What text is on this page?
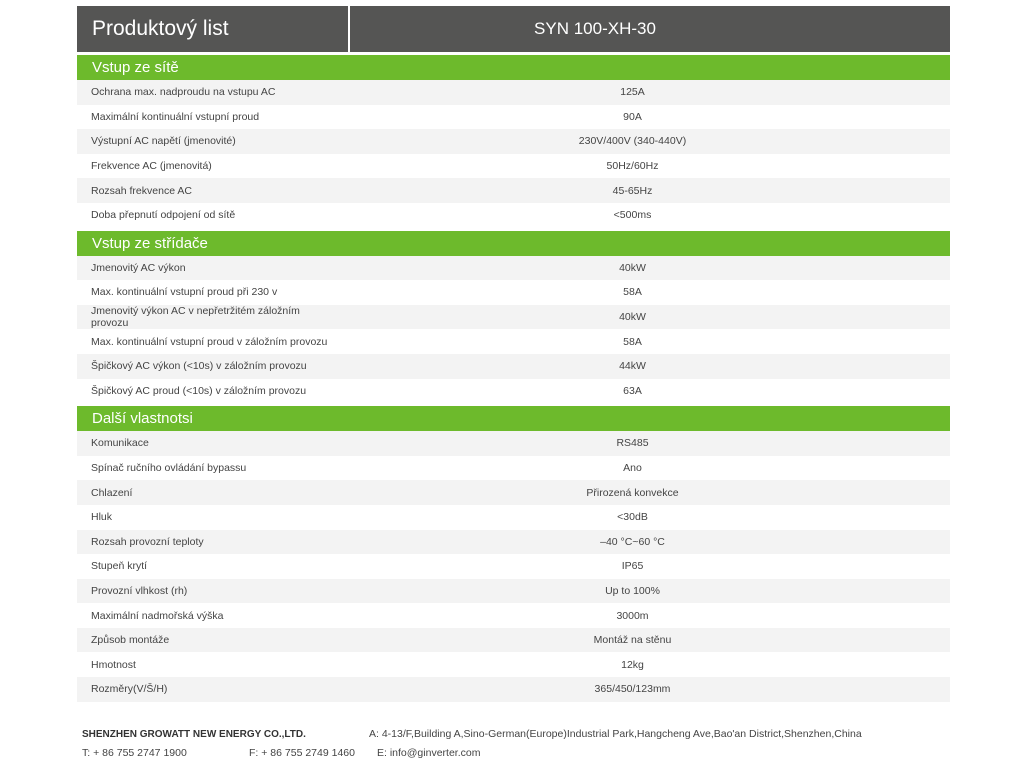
Produktový list	SYN 100-XH-30
Vstup ze sítě
Ochrana max. nadproudu na vstupu AC	125A
Maximální kontinuální vstupní proud	90A
Výstupní AC napětí (jmenovité)	230V/400V (340-440V)
Frekvence AC (jmenovitá)	50Hz/60Hz
Rozsah frekvence AC	45-65Hz
Doba přepnutí odpojení od sítě	<500ms
Vstup ze střídače
Jmenovitý AC výkon	40kW
Max. kontinuální vstupní proud při 230 v	58A
Jmenovitý výkon AC v nepřetržitém záložním provozu	40kW
Max. kontinuální vstupní proud v záložním provozu	58A
Špičkový AC výkon (<10s) v záložním provozu	44kW
Špičkový AC proud (<10s) v záložním provozu	63A
Další vlastnotsi
Komunikace	RS485
Spínač ručního ovládání bypassu	Ano
Chlazení	Přirozená konvekce
Hluk	<30dB
Rozsah provozní teploty	–40 °C~60 °C
Stupeň krytí	IP65
Provozní vlhkost (rh)	Up to 100%
Maximální nadmořská výška	3000m
Způsob montáže	Montáž na stěnu
Hmotnost	12kg
Rozměry(V/Š/H)	365/450/123mm
SHENZHEN GROWATT NEW ENERGY CO.,LTD.	A: 4-13/F,Building A,Sino-German(Europe)Industrial Park,Hangcheng Ave,Bao'an District,Shenzhen,China
T: + 86 755 2747 1900	F: + 86 755 2749 1460 E: info@ginverter.com
